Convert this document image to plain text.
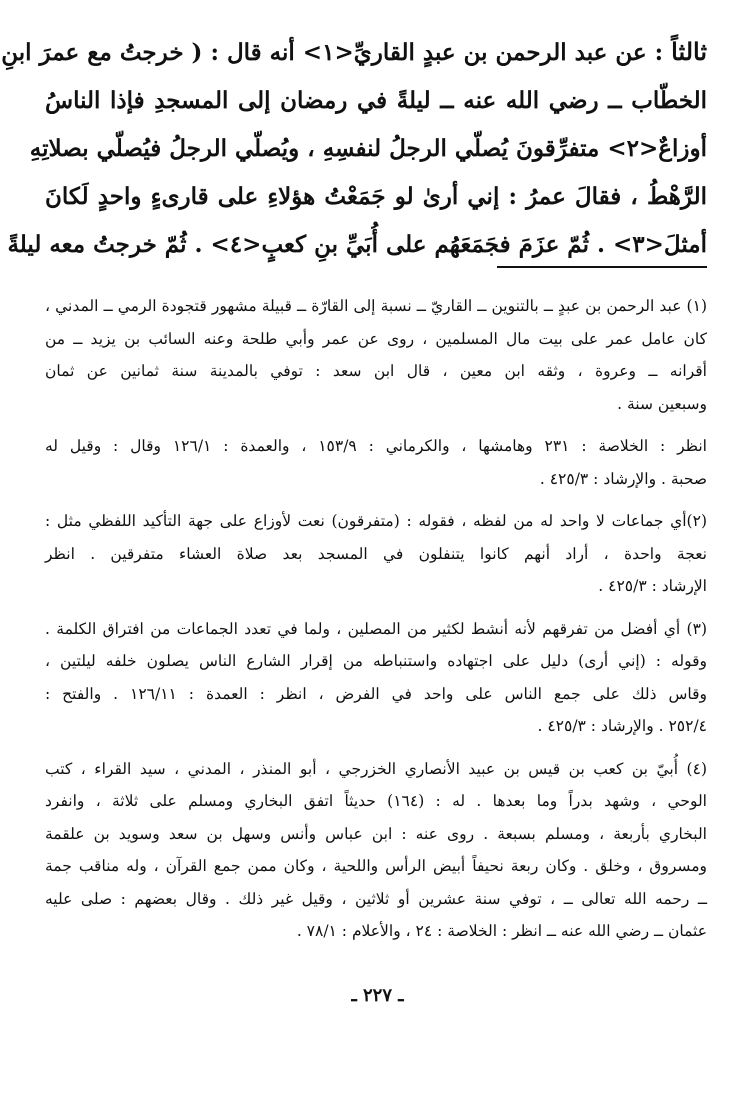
ثالثاً : عن عبد الرحمن بن عبدٍ القاريِّ<١> أنه قال : ( خرجتُ مع عمرَ ابنِ
الخطّاب ــ رضي الله عنه ــ ليلةً في رمضان إلى المسجدِ فإذا الناسُ
أوزاعٌ<٢> متفرِّقونَ يُصلّي الرجلُ لنفسِهِ ، ويُصلّي الرجلُ فيُصلّي بصلاتِهِ
الرَّهْطُ ، فقالَ عمرُ : إني أرىٰ لو جَمَعْتُ هؤلاءِ على قارىءٍ واحدٍ لَكانَ
أمثلَ<٣> . ثُمّ عزَمَ فجَمَعَهُم على أُبَيِّ بنِ كعبٍ<٤> . ثُمّ خرجتُ معه ليلةً
(١) عبد الرحمن بن عبدٍ ــ بالتنوين ــ القاريّ ــ نسبة إلى القارّة ــ قبيلة مشهور قتجودة الرمي ــ المدني ،
كان عامل عمر على بيت مال المسلمين ، روى عن عمر وأبي طلحة وعنه السائب بن يزيد ــ من
أقرانه ــ وعروة ، وثقه ابن معين ، قال ابن سعد : توفي بالمدينة سنة ثمانين عن ثمان
وسبعين سنة .
انظر : الخلاصة : ٢٣١ وهامشها ، والكرماني : ١٥٣/٩ ، والعمدة : ١٢٦/١ وقال : وقيل له
صحبة . والإرشاد : ٤٢٥/٣ .
(٢)أي جماعات لا واحد له من لفظه ، فقوله : (متفرقون) نعت لأوزاع على جهة التأكيد اللفظي مثل :
نعجة واحدة ، أراد أنهم كانوا يتنفلون في المسجد بعد صلاة العشاء متفرقين . انظر
الإرشاد : ٤٢٥/٣ .
(٣) أي أفضل من تفرقهم لأنه أنشط لكثير من المصلين ، ولما في تعدد الجماعات من افتراق الكلمة .
وقوله : (إني أرى) دليل على اجتهاده واستنباطه من إقرار الشارع الناس يصلون خلفه ليلتين ،
وقاس ذلك على جمع الناس على واحد في الفرض ، انظر : العمدة : ١٢٦/١١ . والفتح :
٢٥٢/٤ . والإرشاد : ٤٢٥/٣ .
(٤) أُبيّ بن كعب بن قيس بن عبيد الأنصاري الخزرجي ، أبو المنذر ، المدني ، سيد القراء ، كتب
الوحي ، وشهد بدراً وما بعدها . له : (١٦٤) حديثاً اتفق البخاري ومسلم على ثلاثة ، وانفرد
البخاري بأربعة ، ومسلم بسبعة . روى عنه : ابن عباس وأنس وسهل بن سعد وسويد بن علقمة
ومسروق ، وخلق . وكان ربعة نحيفاً أبيض الرأس واللحية ، وكان ممن جمع القرآن ، وله مناقب جمة
ــ رحمه الله تعالى ــ ، توفي سنة عشرين أو ثلاثين ، وقيل غير ذلك . وقال بعضهم : صلى عليه
عثمان ــ رضي الله عنه ــ انظر : الخلاصة : ٢٤ ، والأعلام : ٧٨/١ .
ـ ٢٢٧ ـ
